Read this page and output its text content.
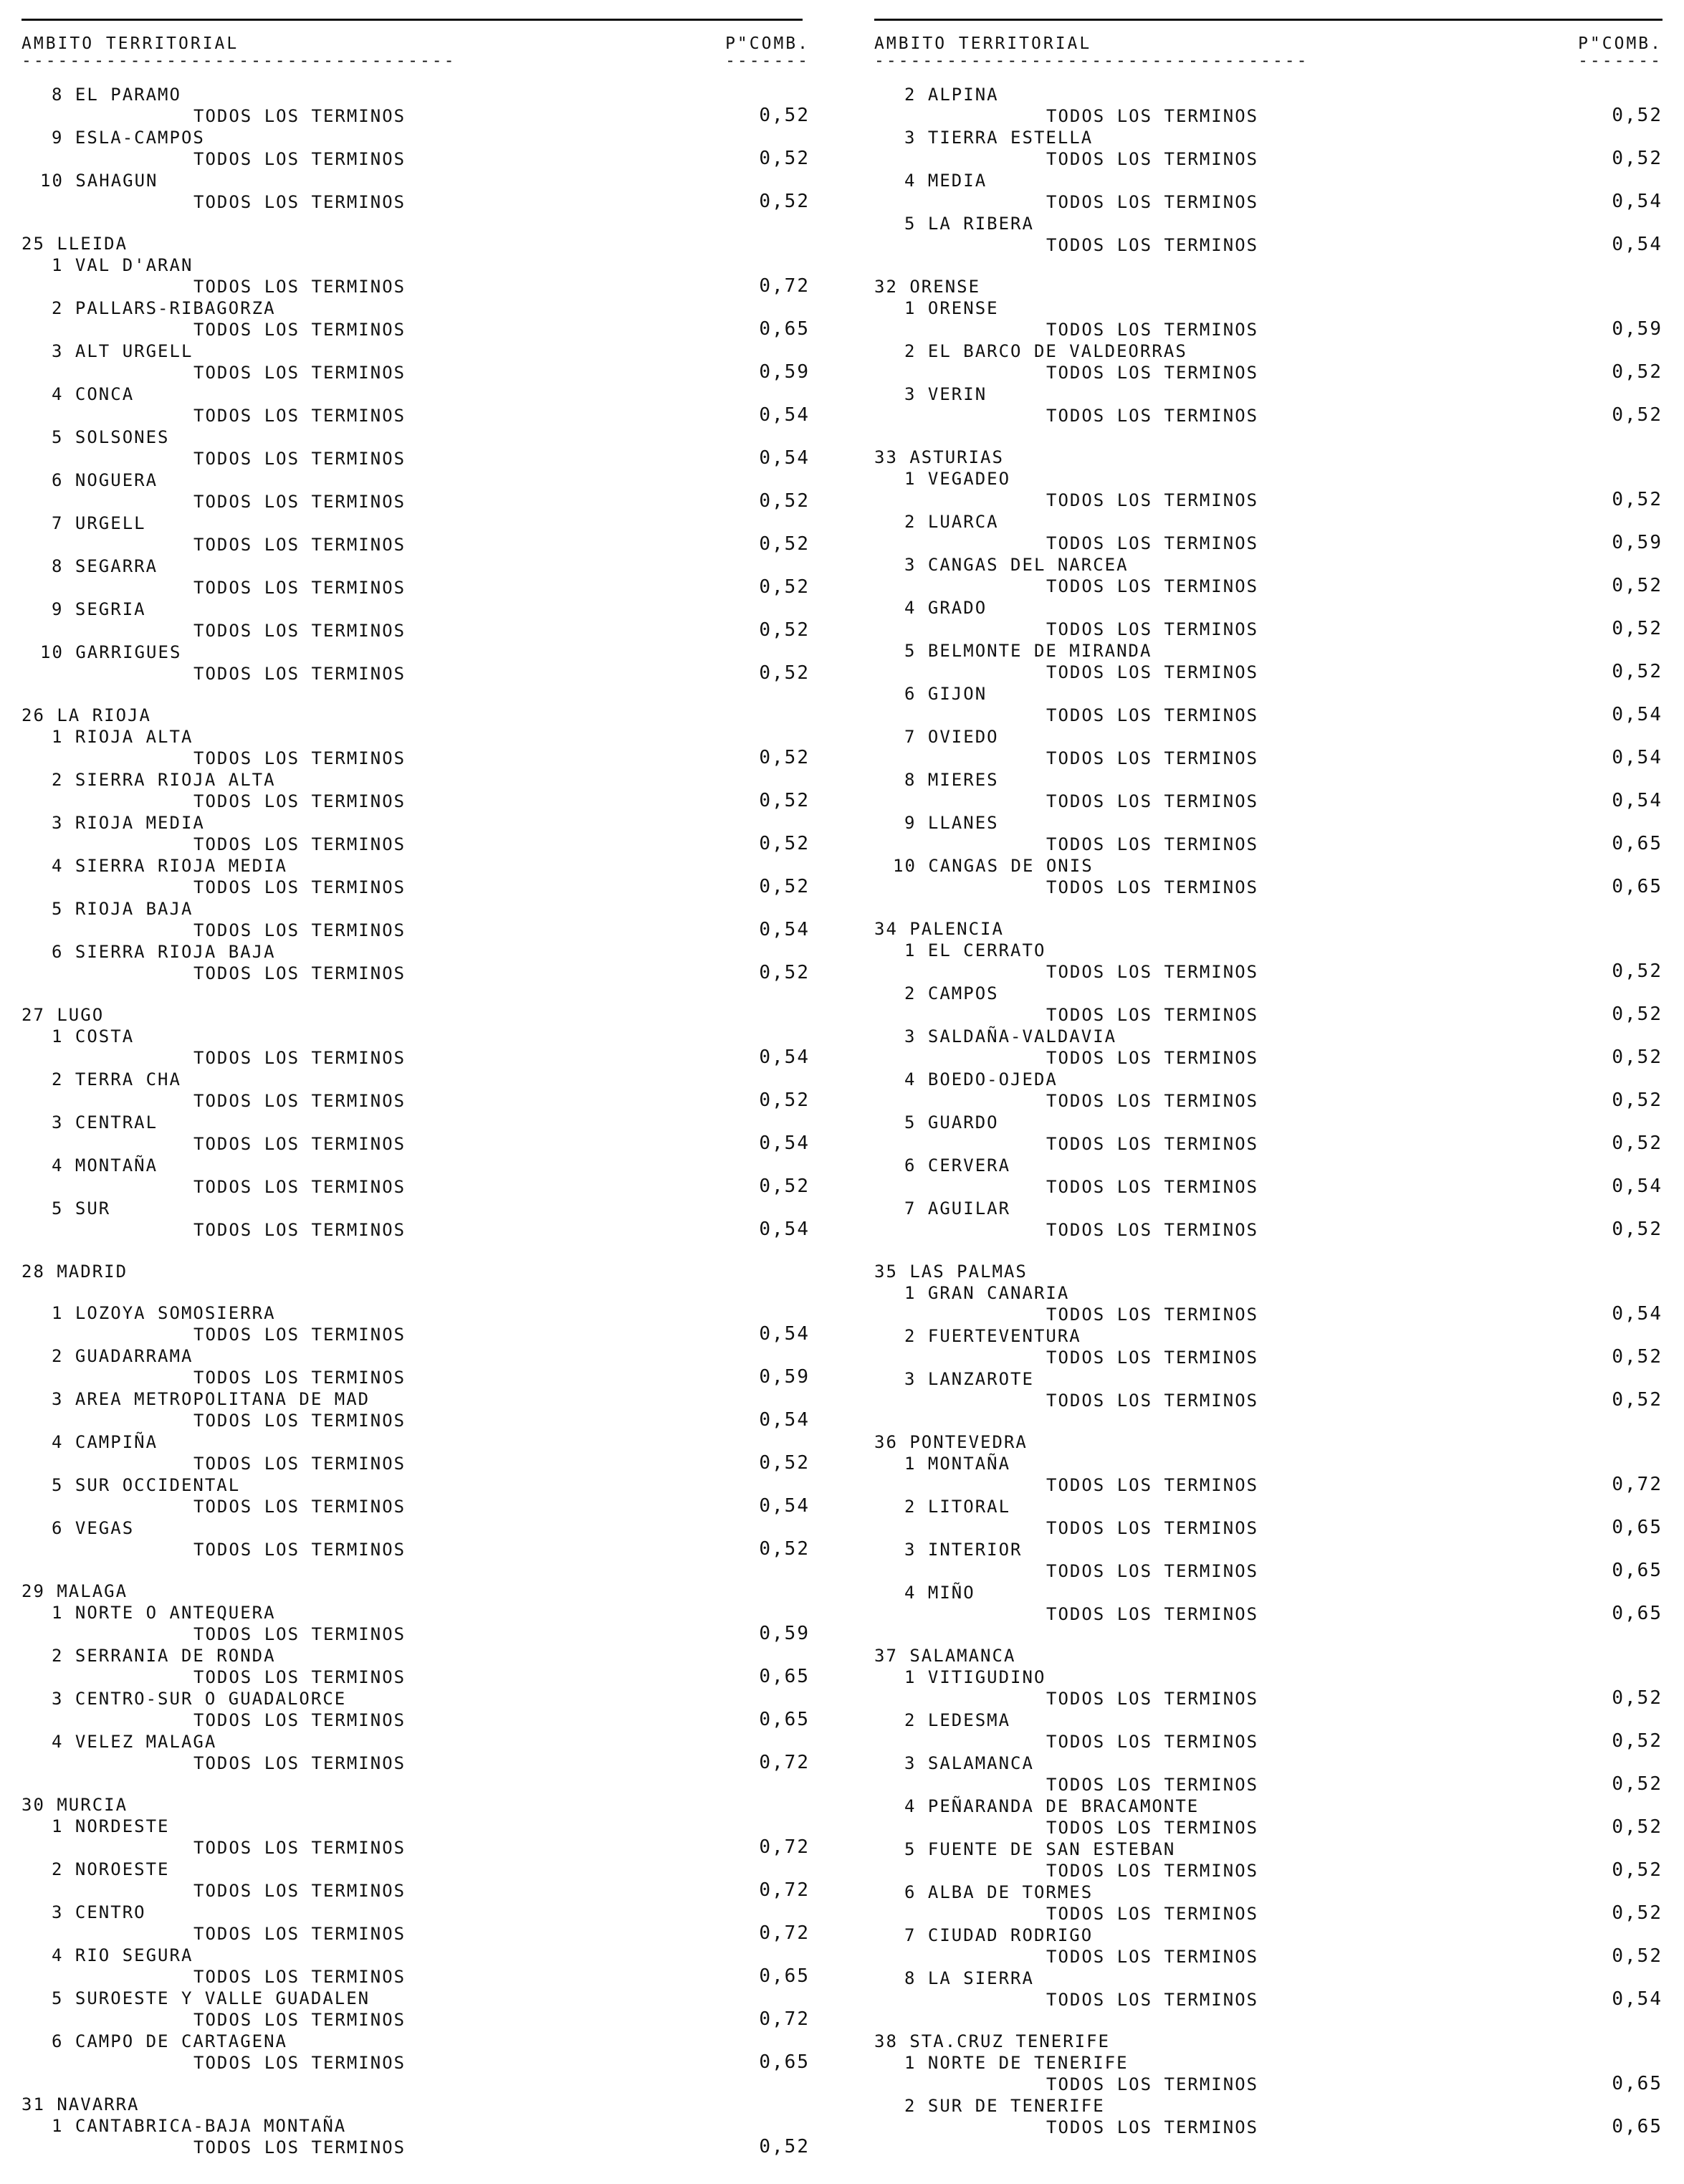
AMBITO TERRITORIAL	P"COMB.
------------------------------------	-------
8 EL PARAMO
TODOS LOS TERMINOS	0,52
9 ESLA-CAMPOS
TODOS LOS TERMINOS	0,52
10 SAHAGUN
TODOS LOS TERMINOS	0,52
25 LLEIDA
1 VAL D'ARAN
TODOS LOS TERMINOS	0,72
2 PALLARS-RIBAGORZA
TODOS LOS TERMINOS	0,65
3 ALT URGELL
TODOS LOS TERMINOS	0,59
4 CONCA
TODOS LOS TERMINOS	0,54
5 SOLSONES
TODOS LOS TERMINOS	0,54
6 NOGUERA
TODOS LOS TERMINOS	0,52
7 URGELL
TODOS LOS TERMINOS	0,52
8 SEGARRA
TODOS LOS TERMINOS	0,52
9 SEGRIA
TODOS LOS TERMINOS	0,52
10 GARRIGUES
TODOS LOS TERMINOS	0,52
26 LA RIOJA
1 RIOJA ALTA
TODOS LOS TERMINOS	0,52
2 SIERRA RIOJA ALTA
TODOS LOS TERMINOS	0,52
3 RIOJA MEDIA
TODOS LOS TERMINOS	0,52
4 SIERRA RIOJA MEDIA
TODOS LOS TERMINOS	0,52
5 RIOJA BAJA
TODOS LOS TERMINOS	0,54
6 SIERRA RIOJA BAJA
TODOS LOS TERMINOS	0,52
27 LUGO
1 COSTA
TODOS LOS TERMINOS	0,54
2 TERRA CHA
TODOS LOS TERMINOS	0,52
3 CENTRAL
TODOS LOS TERMINOS	0,54
4 MONTAÑA
TODOS LOS TERMINOS	0,52
5 SUR
TODOS LOS TERMINOS	0,54
28 MADRID
1 LOZOYA SOMOSIERRA
TODOS LOS TERMINOS	0,54
2 GUADARRAMA
TODOS LOS TERMINOS	0,59
3 AREA METROPOLITANA DE MAD
TODOS LOS TERMINOS	0,54
4 CAMPIÑA
TODOS LOS TERMINOS	0,52
5 SUR OCCIDENTAL
TODOS LOS TERMINOS	0,54
6 VEGAS
TODOS LOS TERMINOS	0,52
29 MALAGA
1 NORTE O ANTEQUERA
TODOS LOS TERMINOS	0,59
2 SERRANIA DE RONDA
TODOS LOS TERMINOS	0,65
3 CENTRO-SUR O GUADALORCE
TODOS LOS TERMINOS	0,65
4 VELEZ MALAGA
TODOS LOS TERMINOS	0,72
30 MURCIA
1 NORDESTE
TODOS LOS TERMINOS	0,72
2 NOROESTE
TODOS LOS TERMINOS	0,72
3 CENTRO
TODOS LOS TERMINOS	0,72
4 RIO SEGURA
TODOS LOS TERMINOS	0,65
5 SUROESTE Y VALLE GUADALEN
TODOS LOS TERMINOS	0,72
6 CAMPO DE CARTAGENA
TODOS LOS TERMINOS	0,65
31 NAVARRA
1 CANTABRICA-BAJA MONTAÑA
TODOS LOS TERMINOS	0,52
AMBITO TERRITORIAL	P"COMB.
------------------------------------	-------
2 ALPINA
TODOS LOS TERMINOS	0,52
3 TIERRA ESTELLA
TODOS LOS TERMINOS	0,52
4 MEDIA
TODOS LOS TERMINOS	0,54
5 LA RIBERA
TODOS LOS TERMINOS	0,54
32 ORENSE
1 ORENSE
TODOS LOS TERMINOS	0,59
2 EL BARCO DE VALDEORRAS
TODOS LOS TERMINOS	0,52
3 VERIN
TODOS LOS TERMINOS	0,52
33 ASTURIAS
1 VEGADEO
TODOS LOS TERMINOS	0,52
2 LUARCA
TODOS LOS TERMINOS	0,59
3 CANGAS DEL NARCEA
TODOS LOS TERMINOS	0,52
4 GRADO
TODOS LOS TERMINOS	0,52
5 BELMONTE DE MIRANDA
TODOS LOS TERMINOS	0,52
6 GIJON
TODOS LOS TERMINOS	0,54
7 OVIEDO
TODOS LOS TERMINOS	0,54
8 MIERES
TODOS LOS TERMINOS	0,54
9 LLANES
TODOS LOS TERMINOS	0,65
10 CANGAS DE ONIS
TODOS LOS TERMINOS	0,65
34 PALENCIA
1 EL CERRATO
TODOS LOS TERMINOS	0,52
2 CAMPOS
TODOS LOS TERMINOS	0,52
3 SALDAÑA-VALDAVIA
TODOS LOS TERMINOS	0,52
4 BOEDO-OJEDA
TODOS LOS TERMINOS	0,52
5 GUARDO
TODOS LOS TERMINOS	0,52
6 CERVERA
TODOS LOS TERMINOS	0,54
7 AGUILAR
TODOS LOS TERMINOS	0,52
35 LAS PALMAS
1 GRAN CANARIA
TODOS LOS TERMINOS	0,54
2 FUERTEVENTURA
TODOS LOS TERMINOS	0,52
3 LANZAROTE
TODOS LOS TERMINOS	0,52
36 PONTEVEDRA
1 MONTAÑA
TODOS LOS TERMINOS	0,72
2 LITORAL
TODOS LOS TERMINOS	0,65
3 INTERIOR
TODOS LOS TERMINOS	0,65
4 MIÑO
TODOS LOS TERMINOS	0,65
37 SALAMANCA
1 VITIGUDINO
TODOS LOS TERMINOS	0,52
2 LEDESMA
TODOS LOS TERMINOS	0,52
3 SALAMANCA
TODOS LOS TERMINOS	0,52
4 PEÑARANDA DE BRACAMONTE
TODOS LOS TERMINOS	0,52
5 FUENTE DE SAN ESTEBAN
TODOS LOS TERMINOS	0,52
6 ALBA DE TORMES
TODOS LOS TERMINOS	0,52
7 CIUDAD RODRIGO
TODOS LOS TERMINOS	0,52
8 LA SIERRA
TODOS LOS TERMINOS	0,54
38 STA.CRUZ TENERIFE
1 NORTE DE TENERIFE
TODOS LOS TERMINOS	0,65
2 SUR DE TENERIFE
TODOS LOS TERMINOS	0,65
